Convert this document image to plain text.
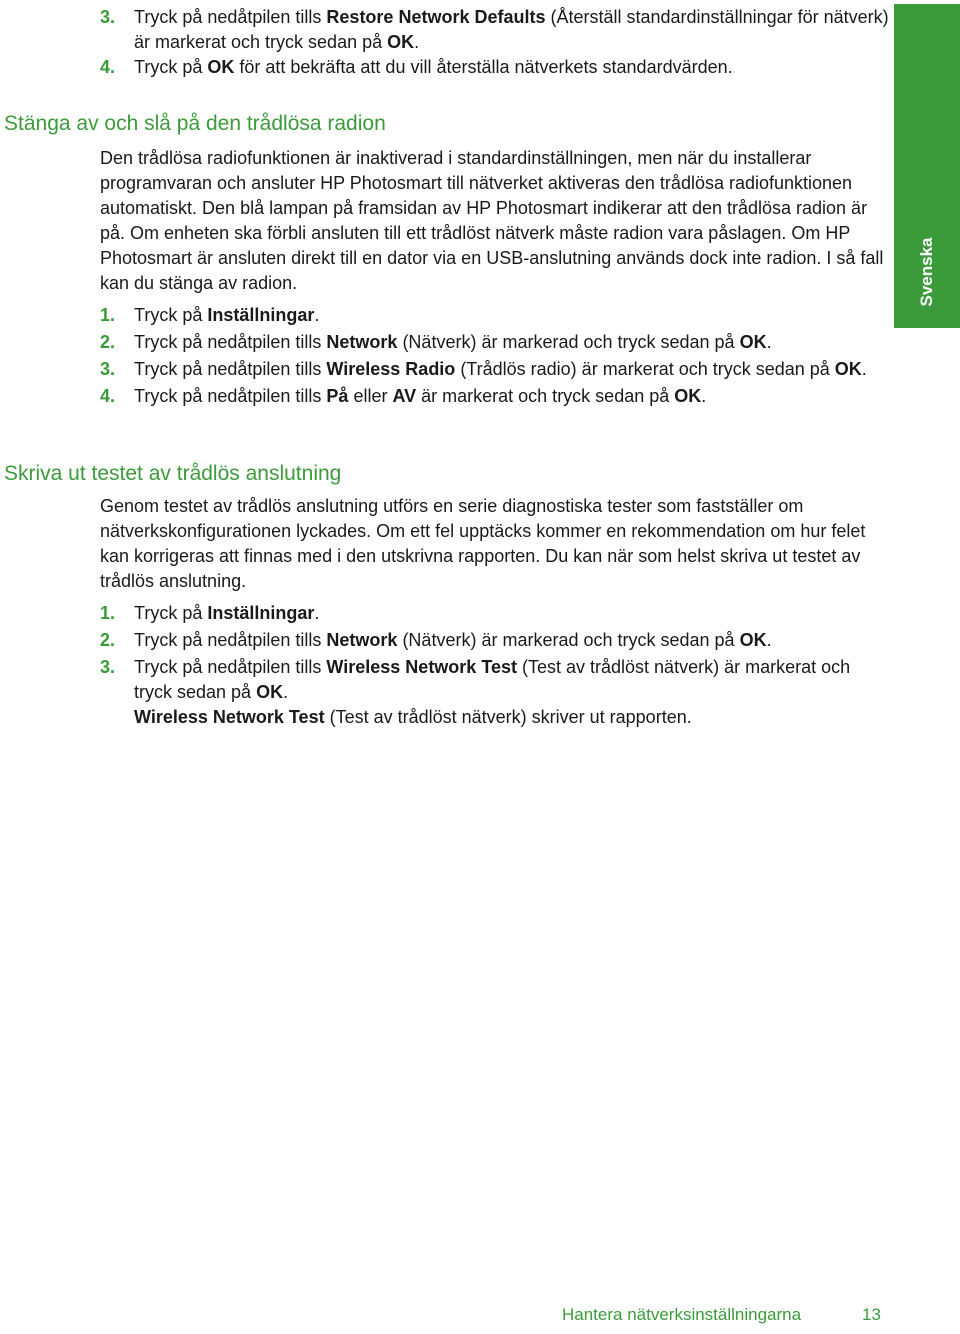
3. Tryck på nedåtpilen tills Restore Network Defaults (Återställ standardinställningar för nätverk) är markerat och tryck sedan på OK.
4. Tryck på OK för att bekräfta att du vill återställa nätverkets standardvärden.
Stänga av och slå på den trådlösa radion

Den trådlösa radiofunktionen är inaktiverad i standardinställningen, men när du installerar programvaran och ansluter HP Photosmart till nätverket aktiveras den trådlösa radiofunktionen automatiskt. Den blå lampan på framsidan av HP Photosmart indikerar att den trådlösa radion är på. Om enheten ska förbli ansluten till ett trådlöst nätverk måste radion vara påslagen. Om HP Photosmart är ansluten direkt till en dator via en USB-anslutning används dock inte radion. I så fall kan du stänga av radion.

1. Tryck på Inställningar.
2. Tryck på nedåtpilen tills Network (Nätverk) är markerad och tryck sedan på OK.
3. Tryck på nedåtpilen tills Wireless Radio (Trådlös radio) är markerat och tryck sedan på OK.
4. Tryck på nedåtpilen tills På eller AV är markerat och tryck sedan på OK.
Skriva ut testet av trådlös anslutning

Genom testet av trådlös anslutning utförs en serie diagnostiska tester som fastställer om nätverkskonfigurationen lyckades. Om ett fel upptäcks kommer en rekommendation om hur felet kan korrigeras att finnas med i den utskrivna rapporten. Du kan när som helst skriva ut testet av trådlös anslutning.

1. Tryck på Inställningar.
2. Tryck på nedåtpilen tills Network (Nätverk) är markerad och tryck sedan på OK.
3. Tryck på nedåtpilen tills Wireless Network Test (Test av trådlöst nätverk) är markerat och tryck sedan på OK.
Wireless Network Test (Test av trådlöst nätverk) skriver ut rapporten.
Svenska
Hantera nätverksinställningarna	13
